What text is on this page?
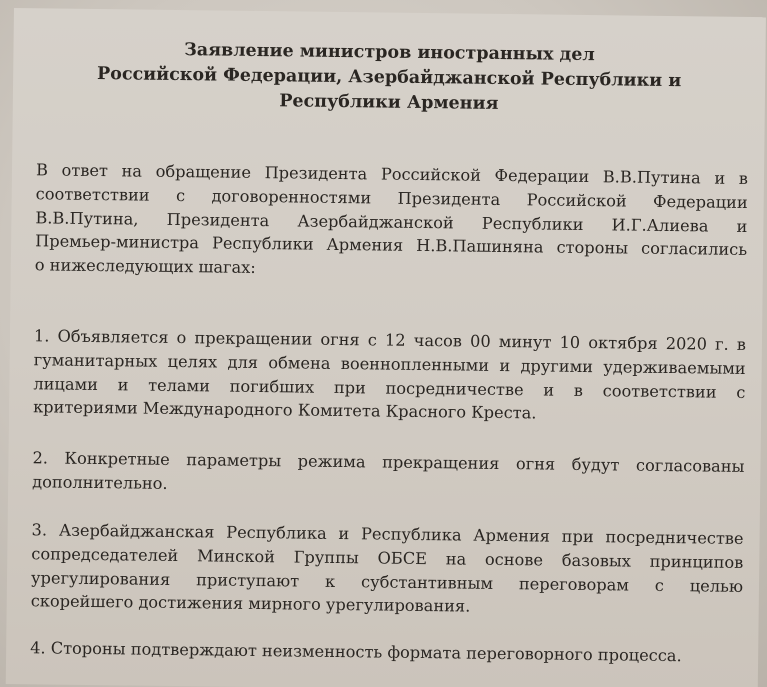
Заявление министров иностранных дел
Российской Федерации, Азербайджанской Республики и
Республики Армения
В ответ на обращение Президента Российской Федерации В.В.Путина и в
соответствии с договоренностями Президента Российской Федерации
В.В.Путина, Президента Азербайджанской Республики И.Г.Алиева и
Премьер-министра Республики Армения Н.В.Пашиняна стороны согласились
о нижеследующих шагах:
1. Объявляется о прекращении огня с 12 часов 00 минут 10 октября 2020 г. в
гуманитарных целях для обмена военнопленными и другими удерживаемыми
лицами и телами погибших при посредничестве и в соответствии с
критериями Международного Комитета Красного Креста.
2. Конкретные параметры режима прекращения огня будут согласованы
дополнительно.
3. Азербайджанская Республика и Республика Армения при посредничестве
сопредседателей Минской Группы ОБСЕ на основе базовых принципов
урегулирования приступают к субстантивным переговорам с целью
скорейшего достижения мирного урегулирования.
4. Стороны подтверждают неизменность формата переговорного процесса.
